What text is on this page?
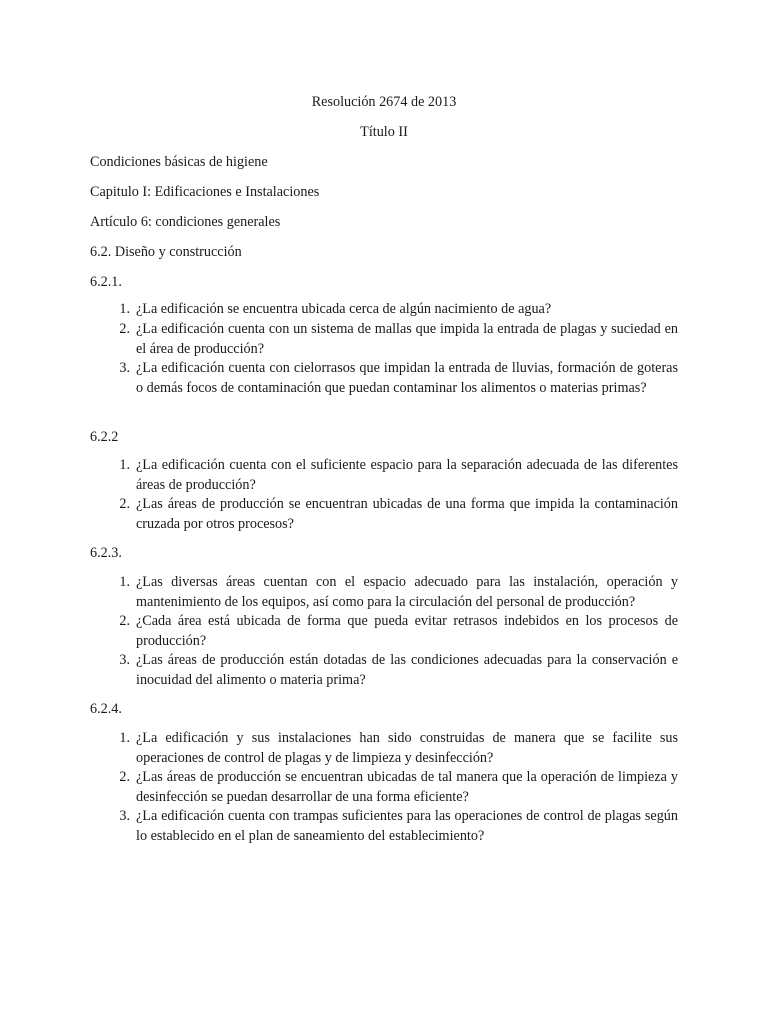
Resolución 2674 de 2013
Título II
Condiciones básicas de higiene
Capitulo I: Edificaciones e Instalaciones
Artículo 6: condiciones generales
6.2. Diseño y construcción
6.2.1.
1. ¿La edificación se encuentra ubicada cerca de algún nacimiento de agua?
2. ¿La edificación cuenta con un sistema de mallas que impida la entrada de plagas y suciedad en el área de producción?
3. ¿La edificación cuenta con cielorrasos que impidan la entrada de lluvias, formación de goteras o demás focos de contaminación que puedan contaminar los alimentos o materias primas?
6.2.2
1. ¿La edificación cuenta con el suficiente espacio para la separación adecuada de las diferentes áreas de producción?
2. ¿Las áreas de producción se encuentran ubicadas de una forma que impida la contaminación cruzada por otros procesos?
6.2.3.
1. ¿Las diversas áreas cuentan con el espacio adecuado para las instalación, operación y mantenimiento de los equipos, así como para la circulación del personal de producción?
2. ¿Cada área está ubicada de forma que pueda evitar retrasos indebidos en los procesos de producción?
3. ¿Las áreas de producción están dotadas de las condiciones adecuadas para la conservación e inocuidad del alimento o materia prima?
6.2.4.
1. ¿La edificación y sus instalaciones han sido construidas de manera que se facilite sus operaciones de control de plagas y de limpieza y desinfección?
2. ¿Las áreas de producción se encuentran ubicadas de tal manera que la operación de limpieza y desinfección se puedan desarrollar de una forma eficiente?
3. ¿La edificación cuenta con trampas suficientes para las operaciones de control de plagas según lo establecido en el plan de saneamiento del establecimiento?
